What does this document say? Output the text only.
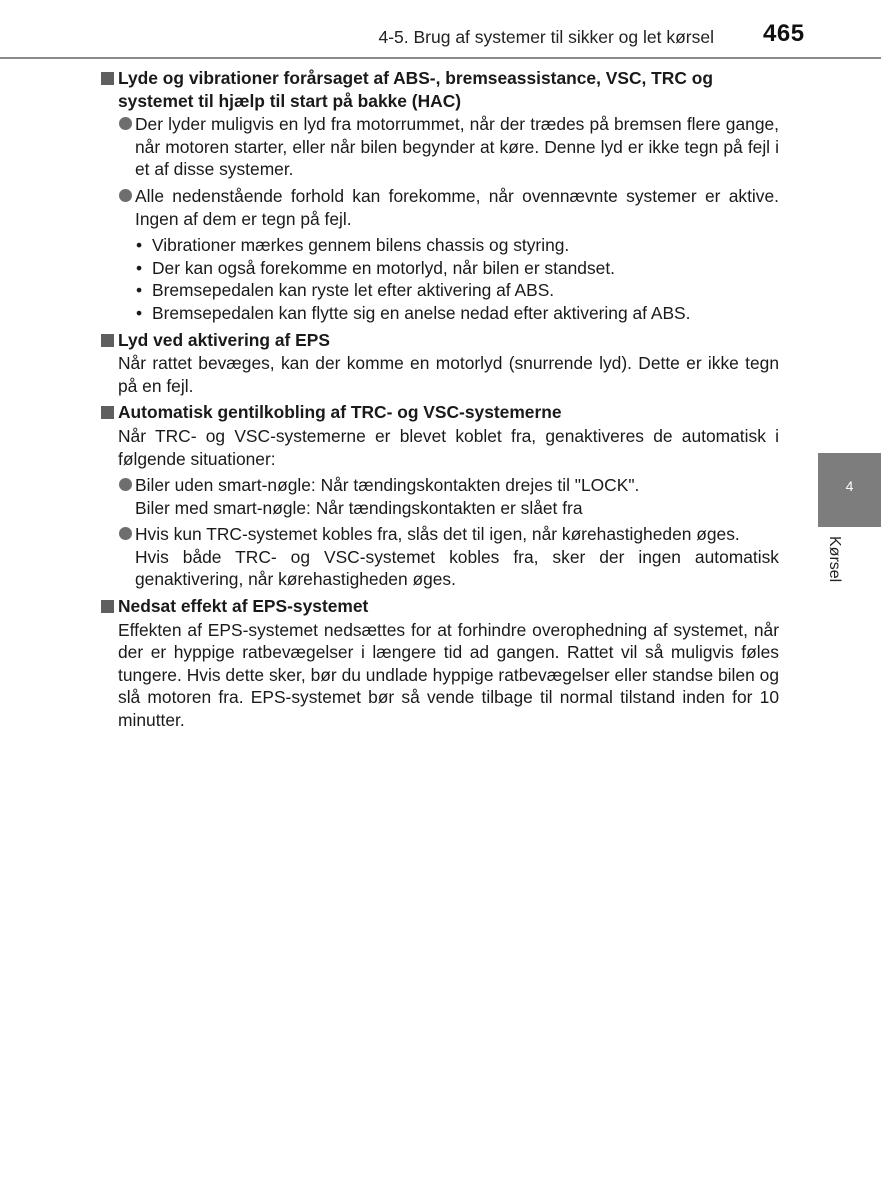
4-5. Brug af systemer til sikker og let kørsel 465
4
Kørsel
Lyde og vibrationer forårsaget af ABS-, bremseassistance, VSC, TRC og systemet til hjælp til start på bakke (HAC)
Der lyder muligvis en lyd fra motorrummet, når der trædes på bremsen flere gange, når motoren starter, eller når bilen begynder at køre. Denne lyd er ikke tegn på fejl i et af disse systemer.
Alle nedenstående forhold kan forekomme, når ovennævnte systemer er aktive. Ingen af dem er tegn på fejl.
• Vibrationer mærkes gennem bilens chassis og styring.
• Der kan også forekomme en motorlyd, når bilen er standset.
• Bremsepedalen kan ryste let efter aktivering af ABS.
• Bremsepedalen kan flytte sig en anelse nedad efter aktivering af ABS.
Lyd ved aktivering af EPS
Når rattet bevæges, kan der komme en motorlyd (snurrende lyd). Dette er ikke tegn på en fejl.
Automatisk gentilkobling af TRC- og VSC-systemerne
Når TRC- og VSC-systemerne er blevet koblet fra, genaktiveres de automatisk i følgende situationer:
Biler uden smart-nøgle: Når tændingskontakten drejes til "LOCK".
Biler med smart-nøgle: Når tændingskontakten er slået fra
Hvis kun TRC-systemet kobles fra, slås det til igen, når kørehastigheden øges.
Hvis både TRC- og VSC-systemet kobles fra, sker der ingen automatisk genaktivering, når kørehastigheden øges.
Nedsat effekt af EPS-systemet
Effekten af EPS-systemet nedsættes for at forhindre overophedning af systemet, når der er hyppige ratbevægelser i længere tid ad gangen. Rattet vil så muligvis føles tungere. Hvis dette sker, bør du undlade hyppige ratbevægelser eller standse bilen og slå motoren fra. EPS-systemet bør så vende tilbage til normal tilstand inden for 10 minutter.
